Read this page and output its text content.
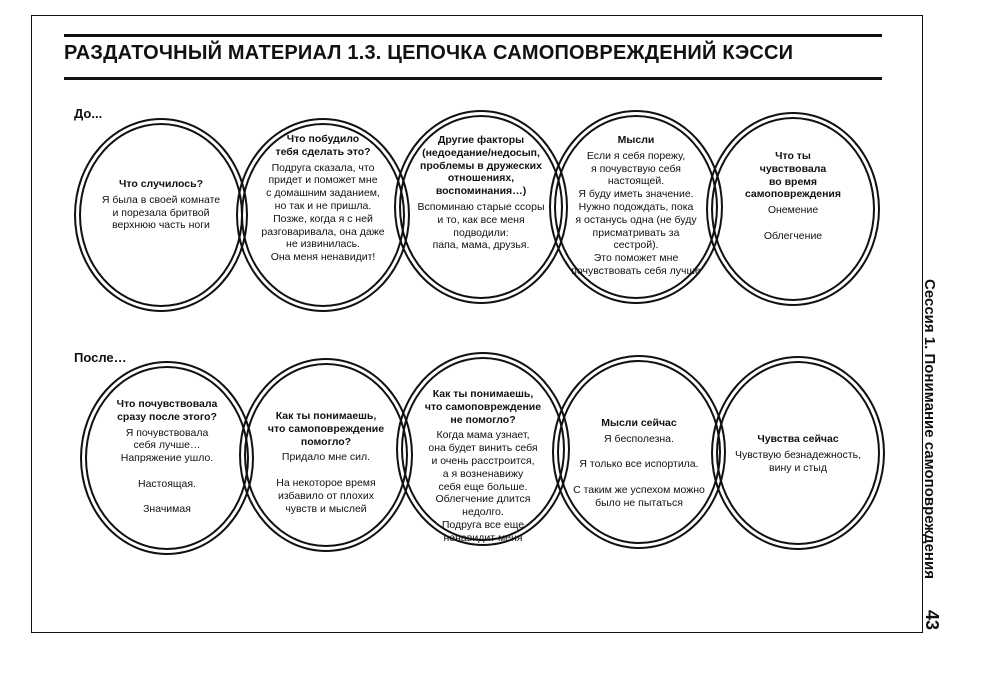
РАЗДАТОЧНЫЙ МАТЕРИАЛ 1.3. ЦЕПОЧКА САМОПОВРЕЖДЕНИЙ КЭССИ
До...
Что случилось?
Я была в своей комнате
и порезала бритвой
верхнюю часть ноги
Что побудило
тебя сделать это?
Подруга сказала, что
придет и поможет мне
с домашним заданием,
но так и не пришла.
Позже, когда я с ней
разговаривала, она даже
не извинилась.
Она меня ненавидит!
Другие факторы
(недоедание/недосып,
проблемы в дружеских
отношениях,
воспоминания…)
Вспоминаю старые ссоры
и то, как все меня
подводили:
папа, мама, друзья.
Мысли
Если я себя порежу,
я почувствую себя настоящей.
Я буду иметь значение.
Нужно подождать, пока
я останусь одна (не буду
присматривать за сестрой).
Это поможет мне
почувствовать себя лучше
Что ты
чувствовала
во время
самоповреждения
Онемение

Облегчение
После…
Что почувствовала
сразу после этого?
Я почувствовала
себя лучше…
Напряжение ушло.

Настоящая.

Значимая
Как ты понимаешь,
что самоповреждение
помогло?
Придало мне сил.

На некоторое время
избавило от плохих
чувств и мыслей
Как ты понимаешь,
что самоповреждение
не помогло?
Когда мама узнает,
она будет винить себя
и очень расстроится,
а я возненавижу
себя еще больше.
Облегчение длится недолго.
Подруга все еще
ненавидит меня
Мысли сейчас
Я бесполезна.

Я только все испортила.

С таким же успехом можно
было не пытаться
Чувства сейчас
Чувствую безнадежность,
вину и стыд	Сессия 1. Понимание самоповреждения
43
